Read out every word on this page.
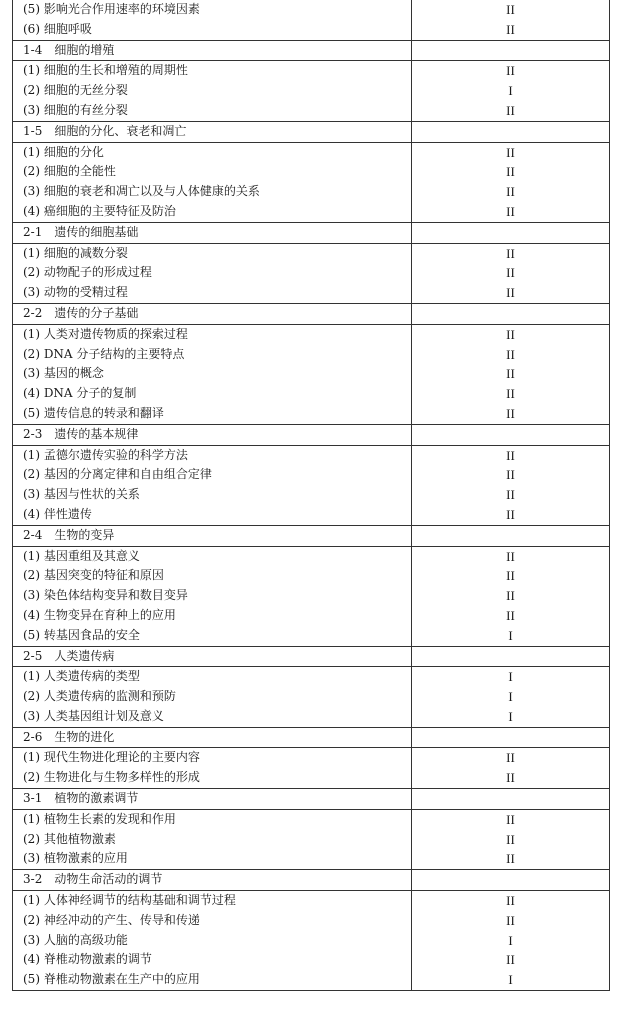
(5) 影响光合作用速率的环境因素	II
(6) 细胞呼吸	II
1-4　细胞的增殖	
(1) 细胞的生长和增殖的周期性	II
(2) 细胞的无丝分裂	I
(3) 细胞的有丝分裂	II
1-5　细胞的分化、衰老和凋亡	
(1) 细胞的分化	II
(2) 细胞的全能性	II
(3) 细胞的衰老和凋亡以及与人体健康的关系	II
(4) 癌细胞的主要特征及防治	II
2-1　遗传的细胞基础	
(1) 细胞的减数分裂	II
(2) 动物配子的形成过程	II
(3) 动物的受精过程	II
2-2　遗传的分子基础	
(1) 人类对遗传物质的探索过程	II
(2) DNA 分子结构的主要特点	II
(3) 基因的概念	II
(4) DNA 分子的复制	II
(5) 遗传信息的转录和翻译	II
2-3　遗传的基本规律	
(1) 孟德尔遗传实验的科学方法	II
(2) 基因的分离定律和自由组合定律	II
(3) 基因与性状的关系	II
(4) 伴性遗传	II
2-4　生物的变异	
(1) 基因重组及其意义	II
(2) 基因突变的特征和原因	II
(3) 染色体结构变异和数目变异	II
(4) 生物变异在育种上的应用	II
(5) 转基因食品的安全	I
2-5　人类遗传病	
(1) 人类遗传病的类型	I
(2) 人类遗传病的监测和预防	I
(3) 人类基因组计划及意义	I
2-6　生物的进化	
(1) 现代生物进化理论的主要内容	II
(2) 生物进化与生物多样性的形成	II
3-1　植物的激素调节	
(1) 植物生长素的发现和作用	II
(2) 其他植物激素	II
(3) 植物激素的应用	II
3-2　动物生命活动的调节	
(1) 人体神经调节的结构基础和调节过程	II
(2) 神经冲动的产生、传导和传递	II
(3) 人脑的高级功能	I
(4) 脊椎动物激素的调节	II
(5) 脊椎动物激素在生产中的应用	I
